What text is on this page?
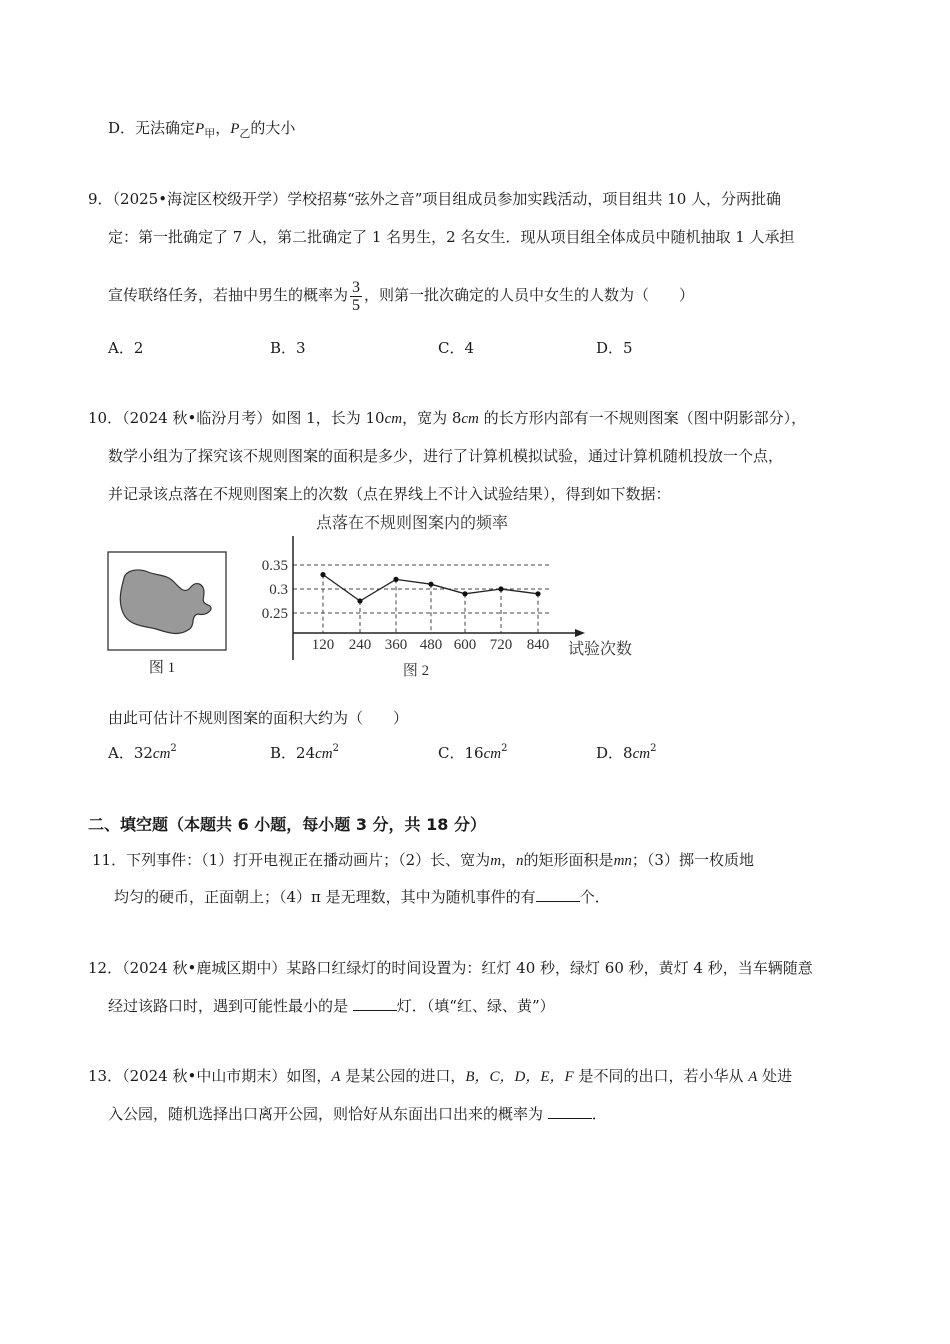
D．无法确定$P_甲$，$P_乙$的大小
9．（2025•海淀区校级开学）学校招募“弦外之音”项目组成员参加实践活动，项目组共 10 人，分两批确
定：第一批确定了 7 人，第二批确定了 1 名男生，2 名女生．现从项目组全体成员中随机抽取 1 人承担
宣传联络任务，若抽中男生的概率为 $\frac{3}{5}$ ，则第一批次确定的人员中女生的人数为（　　）
A．2	B．3	C．4	D．5
10．（2024 秋•临汾月考）如图 1，长为 10cm，宽为 8cm 的长方形内部有一不规则图案（图中阴影部分），
数学小组为了探究该不规则图案的面积是多少，进行了计算机模拟试验，通过计算机随机投放一个点，
并记录该点落在不规则图案上的次数（点在界线上不计入试验结果），得到如下数据：
图 1
点落在不规则图案内的频率
0.35
0.3
0.25
120 240 360 480 600 720 840 试验次数
图 2
由此可估计不规则图案的面积大约为（　　）
A．$32cm^2$	B．$24cm^2$	C．$16cm^2$	D．$8cm^2$
二、填空题（本题共 6 小题，每小题 3 分，共 18 分）
11．下列事件：（1）打开电视正在播动画片；（2）长、宽为m，n的矩形面积是mn；（3）掷一枚质地
均匀的硬币，正面朝上；（4）π 是无理数，其中为随机事件的有	个．
12．（2024 秋•鹿城区期中）某路口红绿灯的时间设置为：红灯 40 秒，绿灯 60 秒，黄灯 4 秒，当车辆随意
经过该路口时，遇到可能性最小的是	灯．（填“红、绿、黄”）
13．（2024 秋•中山市期末）如图，A 是某公园的进口，B，C，D，E，F 是不同的出口，若小华从 A 处进
入公园，随机选择出口离开公园，则恰好从东面出口出来的概率为	．
